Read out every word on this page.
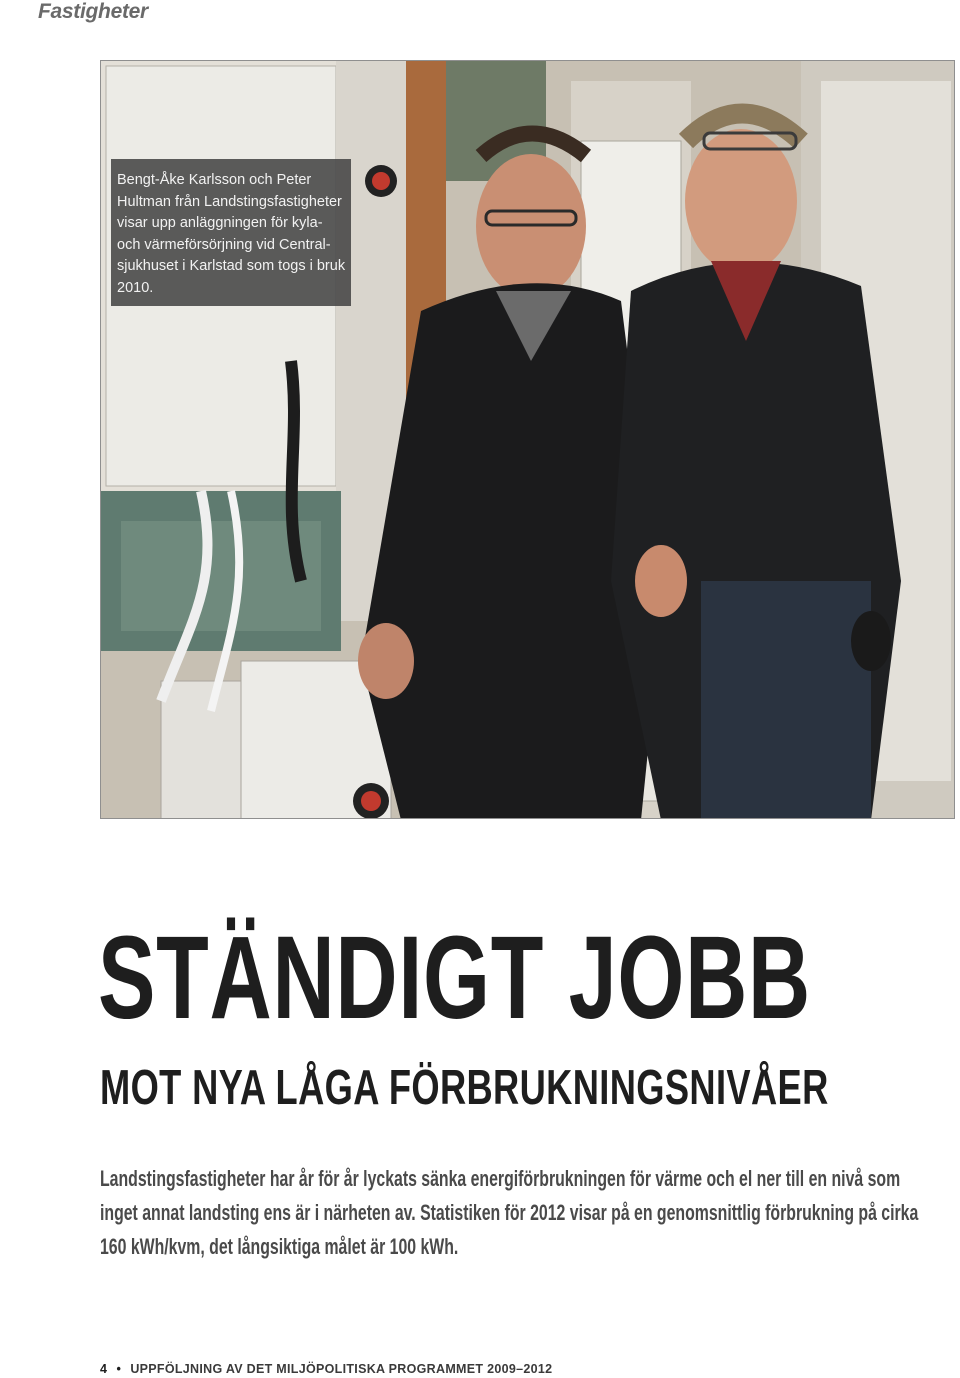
Fastigheter
Bengt-Åke Karlsson och Peter Hultman från Landstingsfastigheter visar upp anläggningen för kyla- och värmeförsörjning vid Central-sjukhuset i Karlstad som togs i bruk 2010.
STÄNDIGT JOBB
MOT NYA LÅGA FÖRBRUKNINGSNIVÅER
Landstingsfastigheter har år för år lyckats sänka energiförbrukningen för värme och el ner till en nivå som inget annat landsting ens är i närheten av. Statistiken för 2012 visar på en genomsnittlig förbrukning på cirka 160 kWh/kvm, det långsiktiga målet är 100 kWh.
4 • UPPFÖLJNING AV DET MILJÖPOLITISKA PROGRAMMET 2009–2012
